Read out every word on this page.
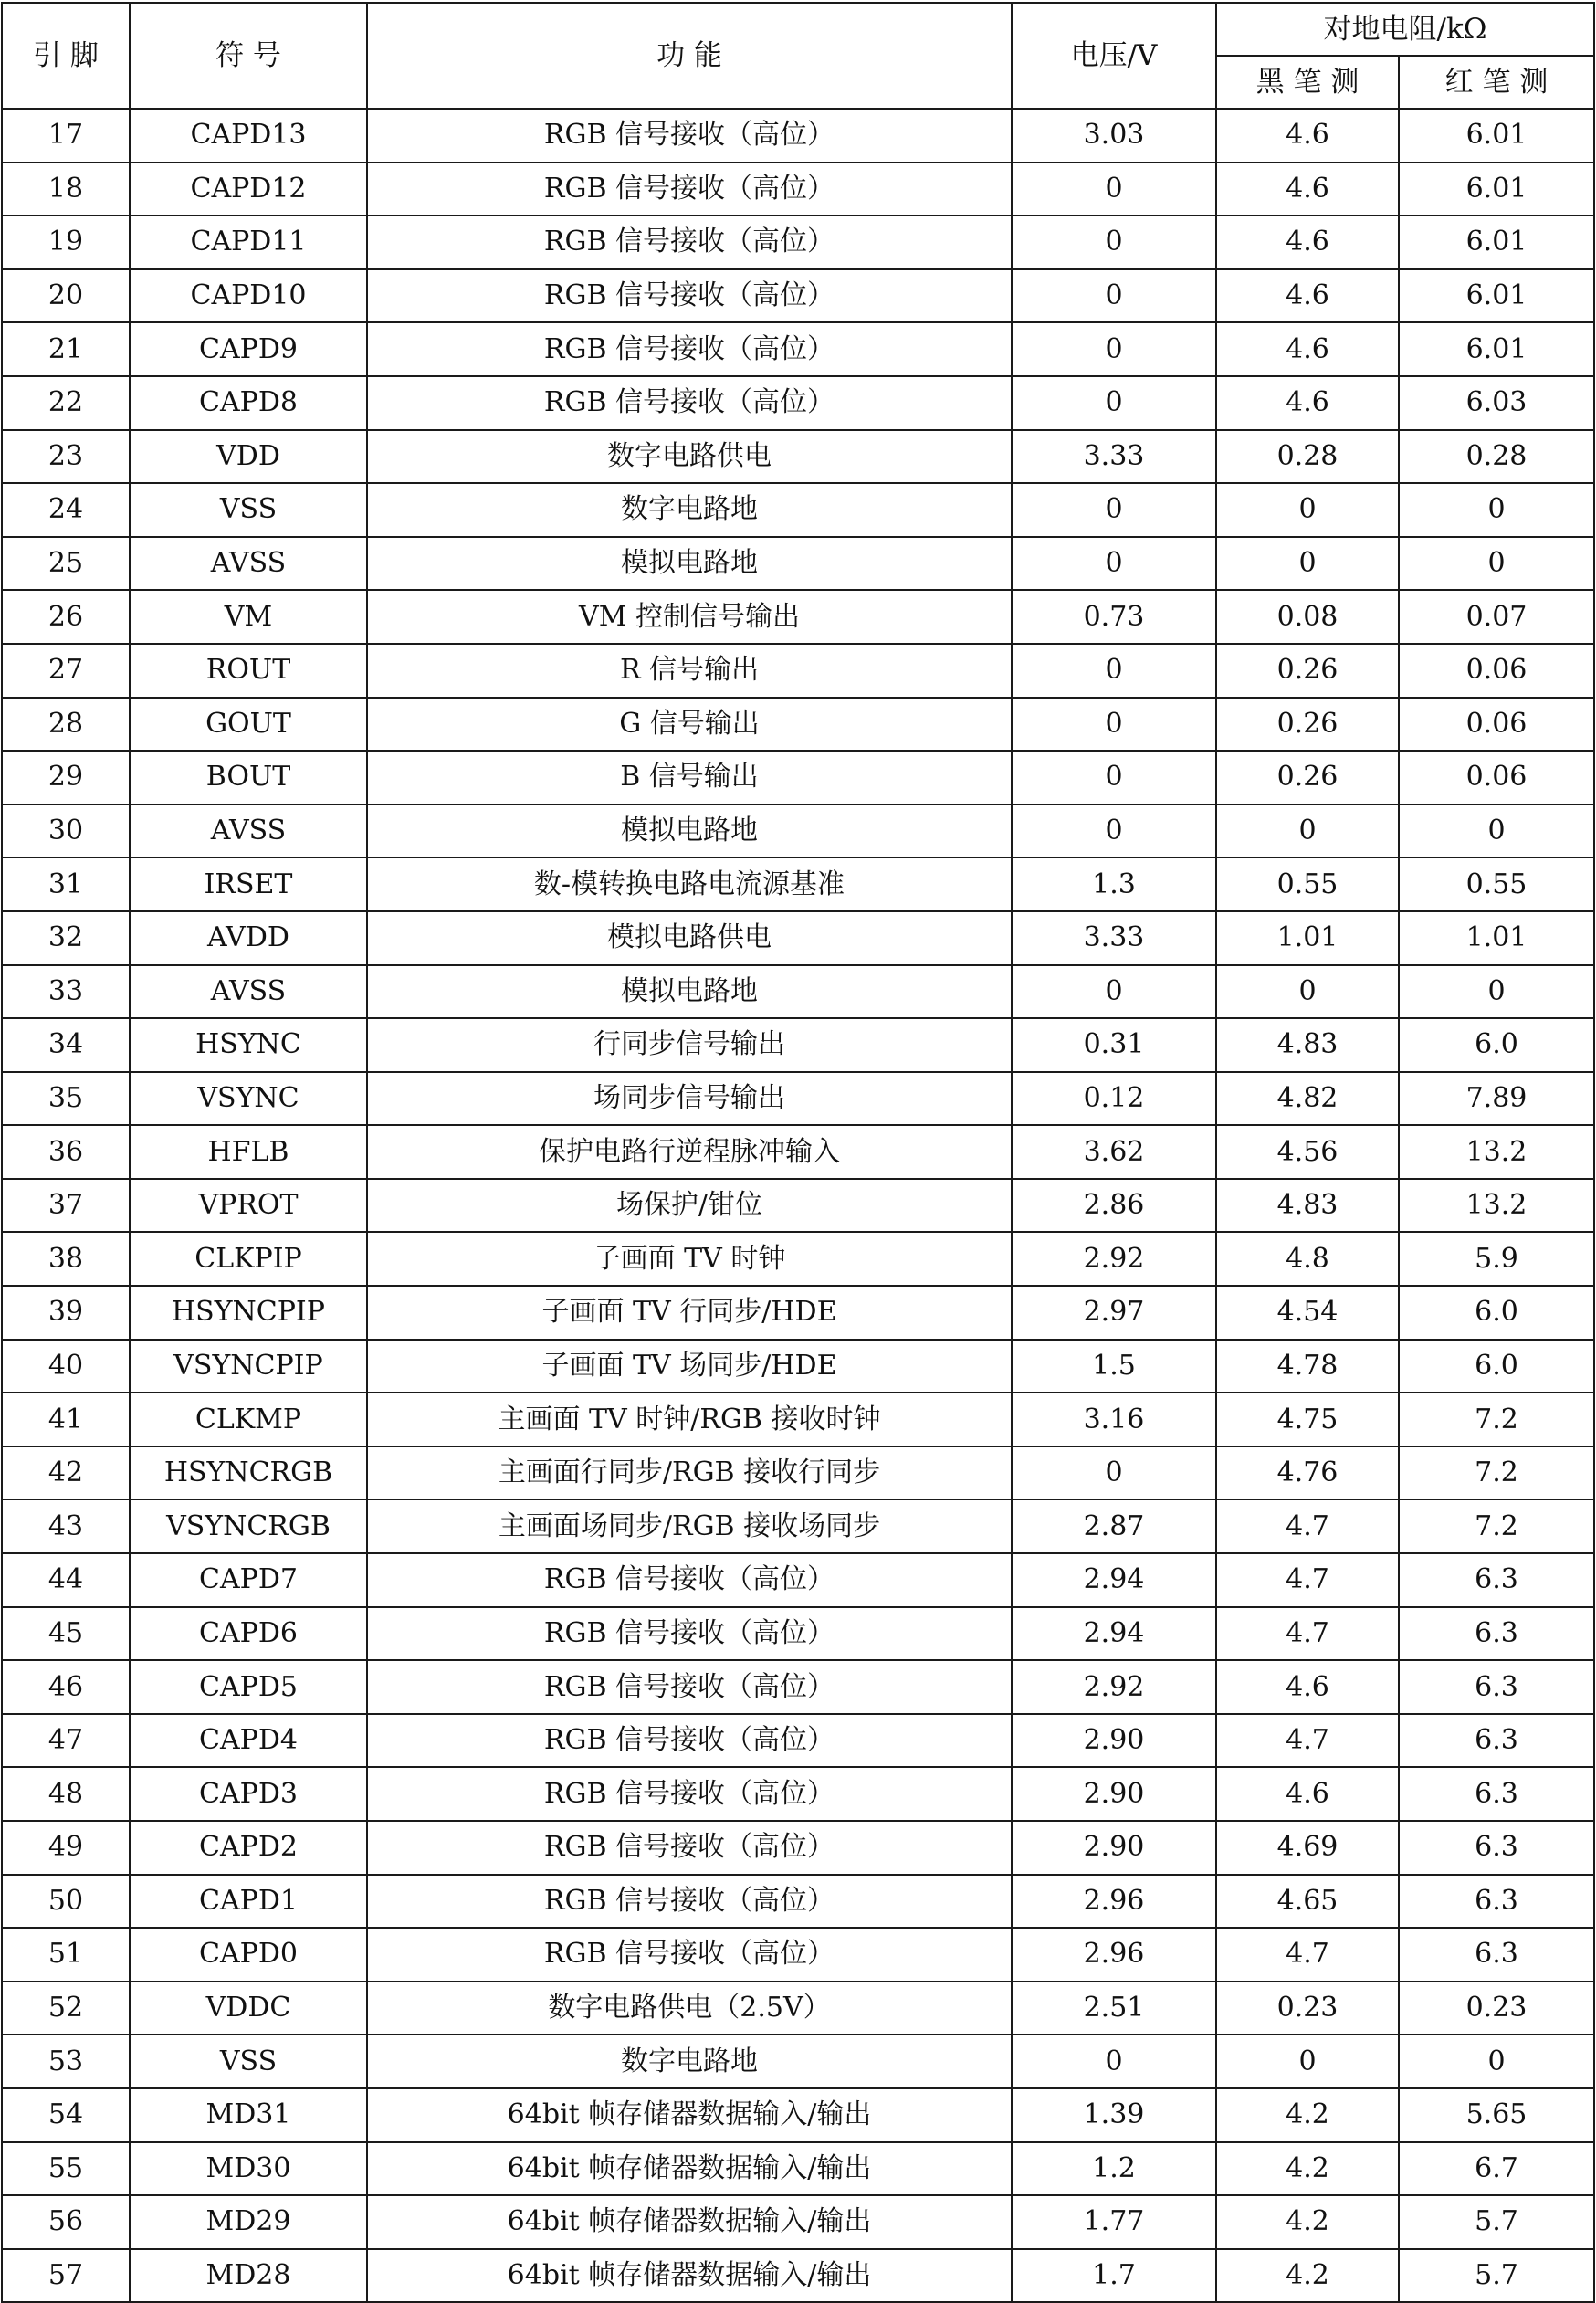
引 脚	符 号	功 能	电压/V	对地电阻/kΩ	
				黑 笔 测	红 笔 测
17	CAPD13	RGB 信号接收（高位）	3.03	4.6	6.01
18	CAPD12	RGB 信号接收（高位）	0	4.6	6.01
19	CAPD11	RGB 信号接收（高位）	0	4.6	6.01
20	CAPD10	RGB 信号接收（高位）	0	4.6	6.01
21	CAPD9	RGB 信号接收（高位）	0	4.6	6.01
22	CAPD8	RGB 信号接收（高位）	0	4.6	6.03
23	VDD	数字电路供电	3.33	0.28	0.28
24	VSS	数字电路地	0	0	0
25	AVSS	模拟电路地	0	0	0
26	VM	VM 控制信号输出	0.73	0.08	0.07
27	ROUT	R 信号输出	0	0.26	0.06
28	GOUT	G 信号输出	0	0.26	0.06
29	BOUT	B 信号输出	0	0.26	0.06
30	AVSS	模拟电路地	0	0	0
31	IRSET	数-模转换电路电流源基准	1.3	0.55	0.55
32	AVDD	模拟电路供电	3.33	1.01	1.01
33	AVSS	模拟电路地	0	0	0
34	HSYNC	行同步信号输出	0.31	4.83	6.0
35	VSYNC	场同步信号输出	0.12	4.82	7.89
36	HFLB	保护电路行逆程脉冲输入	3.62	4.56	13.2
37	VPROT	场保护/钳位	2.86	4.83	13.2
38	CLKPIP	子画面 TV 时钟	2.92	4.8	5.9
39	HSYNCPIP	子画面 TV 行同步/HDE	2.97	4.54	6.0
40	VSYNCPIP	子画面 TV 场同步/HDE	1.5	4.78	6.0
41	CLKMP	主画面 TV 时钟/RGB 接收时钟	3.16	4.75	7.2
42	HSYNCRGB	主画面行同步/RGB 接收行同步	0	4.76	7.2
43	VSYNCRGB	主画面场同步/RGB 接收场同步	2.87	4.7	7.2
44	CAPD7	RGB 信号接收（高位）	2.94	4.7	6.3
45	CAPD6	RGB 信号接收（高位）	2.94	4.7	6.3
46	CAPD5	RGB 信号接收（高位）	2.92	4.6	6.3
47	CAPD4	RGB 信号接收（高位）	2.90	4.7	6.3
48	CAPD3	RGB 信号接收（高位）	2.90	4.6	6.3
49	CAPD2	RGB 信号接收（高位）	2.90	4.69	6.3
50	CAPD1	RGB 信号接收（高位）	2.96	4.65	6.3
51	CAPD0	RGB 信号接收（高位）	2.96	4.7	6.3
52	VDDC	数字电路供电（2.5V）	2.51	0.23	0.23
53	VSS	数字电路地	0	0	0
54	MD31	64bit 帧存储器数据输入/输出	1.39	4.2	5.65
55	MD30	64bit 帧存储器数据输入/输出	1.2	4.2	6.7
56	MD29	64bit 帧存储器数据输入/输出	1.77	4.2	5.7
57	MD28	64bit 帧存储器数据输入/输出	1.7	4.2	5.7
